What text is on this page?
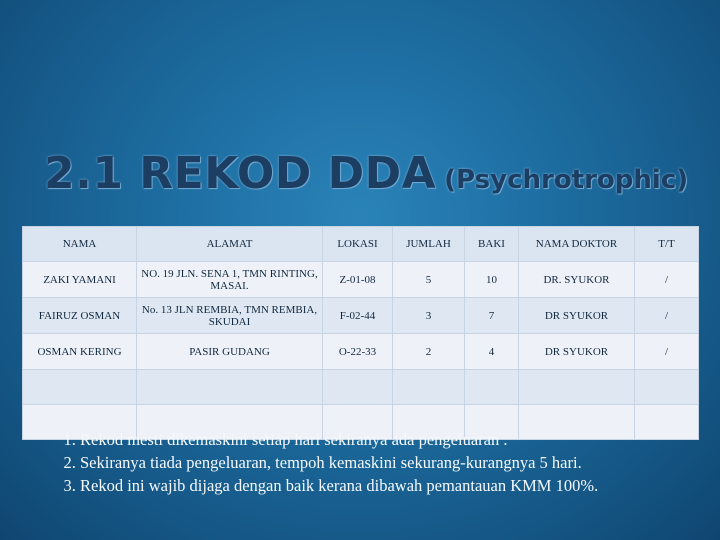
2.1 REKOD DDA (Psychrotrophic)
NAMA	ALAMAT	LOKASI	JUMLAH	BAKI	NAMA DOKTOR	T/T
ZAKI YAMANI	NO. 19 JLN. SENA 1, TMN RINTING, MASAI.	Z-01-08	5	10	DR. SYUKOR	/
FAIRUZ OSMAN	No. 13 JLN REMBIA, TMN REMBIA, SKUDAI	F-02-44	3	7	DR SYUKOR	/
OSMAN KERING	PASIR GUDANG	O-22-33	2	4	DR SYUKOR	/

1. Rekod mesti dikemaskini setiap hari sekiranya ada pengeluaran .
2. Sekiranya tiada pengeluaran, tempoh kemaskini sekurang-kurangnya 5 hari.
3. Rekod ini wajib dijaga dengan baik kerana dibawah pemantauan KMM 100%.
